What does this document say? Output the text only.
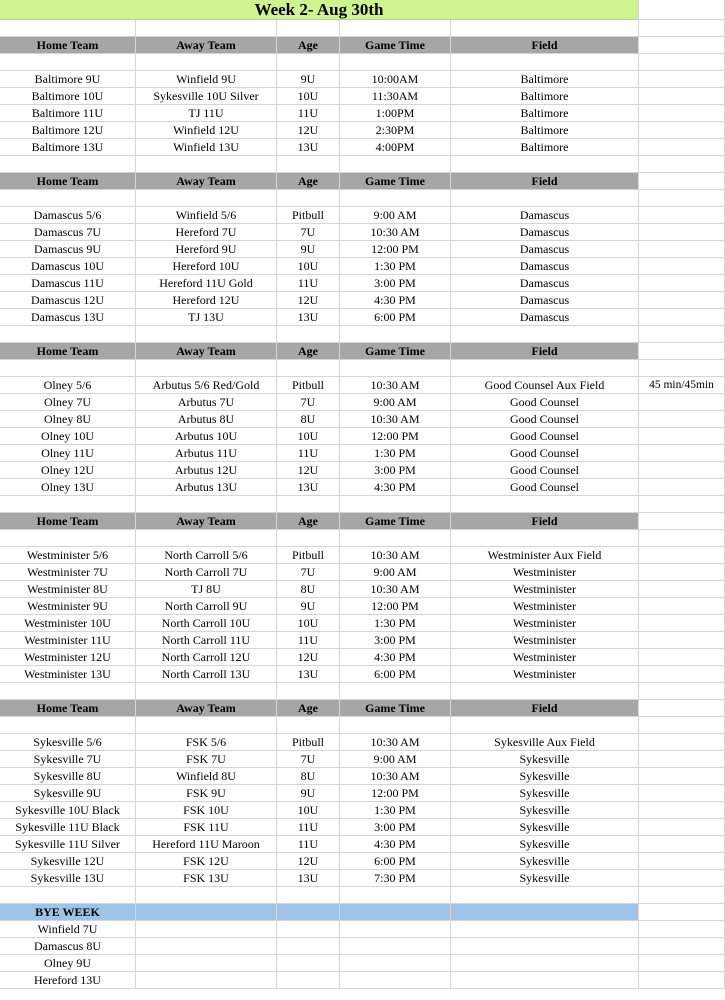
Week 2- Aug 30th
Home Team	Away Team	Age	Game Time	Field
Baltimore 9U	Winfield 9U	9U	10:00AM	Baltimore
Baltimore 10U	Sykesville 10U Silver	10U	11:30AM	Baltimore
Baltimore 11U	TJ 11U	11U	1:00PM	Baltimore
Baltimore 12U	Winfield 12U	12U	2:30PM	Baltimore
Baltimore 13U	Winfield 13U	13U	4:00PM	Baltimore
Home Team	Away Team	Age	Game Time	Field
Damascus 5/6	Winfield 5/6	Pitbull	9:00 AM	Damascus
Damascus 7U	Hereford 7U	7U	10:30 AM	Damascus
Damascus 9U	Hereford 9U	9U	12:00 PM	Damascus
Damascus 10U	Hereford 10U	10U	1:30 PM	Damascus
Damascus 11U	Hereford 11U Gold	11U	3:00 PM	Damascus
Damascus 12U	Hereford 12U	12U	4:30 PM	Damascus
Damascus 13U	TJ 13U	13U	6:00 PM	Damascus
Home Team	Away Team	Age	Game Time	Field
Olney 5/6	Arbutus 5/6 Red/Gold	Pitbull	10:30 AM	Good Counsel Aux Field	45 min/45min
Olney 7U	Arbutus 7U	7U	9:00 AM	Good Counsel
Olney 8U	Arbutus 8U	8U	10:30 AM	Good Counsel
Olney 10U	Arbutus 10U	10U	12:00 PM	Good Counsel
Olney 11U	Arbutus 11U	11U	1:30 PM	Good Counsel
Olney 12U	Arbutus 12U	12U	3:00 PM	Good Counsel
Olney 13U	Arbutus 13U	13U	4:30 PM	Good Counsel
Home Team	Away Team	Age	Game Time	Field
Westminister 5/6	North Carroll 5/6	Pitbull	10:30 AM	Westminister Aux Field
Westminister 7U	North Carroll 7U	7U	9:00 AM	Westminister
Westminister 8U	TJ 8U	8U	10:30 AM	Westminister
Westminister 9U	North Carroll 9U	9U	12:00 PM	Westminister
Westminister 10U	North Carroll 10U	10U	1:30 PM	Westminister
Westminister 11U	North Carroll 11U	11U	3:00 PM	Westminister
Westminister 12U	North Carroll 12U	12U	4:30 PM	Westminister
Westminister 13U	North Carroll 13U	13U	6:00 PM	Westminister
Home Team	Away Team	Age	Game Time	Field
Sykesville 5/6	FSK 5/6	Pitbull	10:30 AM	Sykesville Aux Field
Sykesville 7U	FSK 7U	7U	9:00 AM	Sykesville
Sykesville 8U	Winfield 8U	8U	10:30 AM	Sykesville
Sykesville 9U	FSK 9U	9U	12:00 PM	Sykesville
Sykesville 10U Black	FSK 10U	10U	1:30 PM	Sykesville
Sykesville 11U Black	FSK 11U	11U	3:00 PM	Sykesville
Sykesville 11U Silver	Hereford 11U Maroon	11U	4:30 PM	Sykesville
Sykesville 12U	FSK 12U	12U	6:00 PM	Sykesville
Sykesville 13U	FSK 13U	13U	7:30 PM	Sykesville
BYE WEEK
Winfield 7U
Damascus 8U
Olney 9U
Hereford 13U
